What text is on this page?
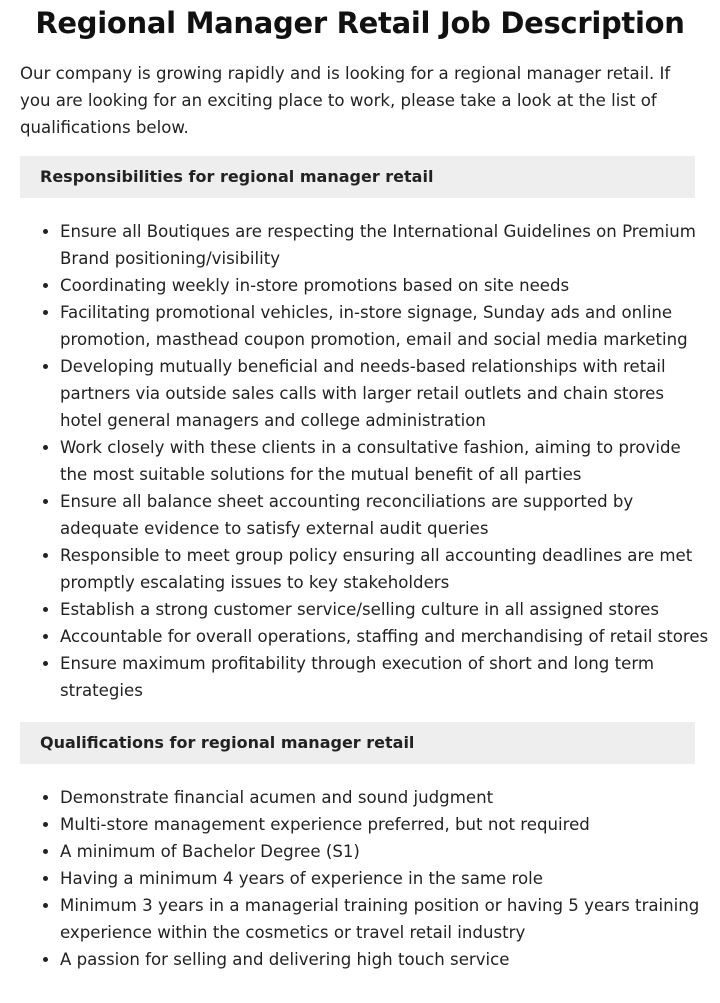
Regional Manager Retail Job Description

Our company is growing rapidly and is looking for a regional manager retail. If you are looking for an exciting place to work, please take a look at the list of qualifications below.

Responsibilities for regional manager retail
• Ensure all Boutiques are respecting the International Guidelines on Premium Brand positioning/visibility
• Coordinating weekly in-store promotions based on site needs
• Facilitating promotional vehicles, in-store signage, Sunday ads and online promotion, masthead coupon promotion, email and social media marketing
• Developing mutually beneficial and needs-based relationships with retail partners via outside sales calls with larger retail outlets and chain stores hotel general managers and college administration
• Work closely with these clients in a consultative fashion, aiming to provide the most suitable solutions for the mutual benefit of all parties
• Ensure all balance sheet accounting reconciliations are supported by adequate evidence to satisfy external audit queries
• Responsible to meet group policy ensuring all accounting deadlines are met promptly escalating issues to key stakeholders
• Establish a strong customer service/selling culture in all assigned stores
• Accountable for overall operations, staffing and merchandising of retail stores
• Ensure maximum profitability through execution of short and long term strategies
Qualifications for regional manager retail
• Demonstrate financial acumen and sound judgment
• Multi-store management experience preferred, but not required
• A minimum of Bachelor Degree (S1)
• Having a minimum 4 years of experience in the same role
• Minimum 3 years in a managerial training position or having 5 years training experience within the cosmetics or travel retail industry
• A passion for selling and delivering high touch service
